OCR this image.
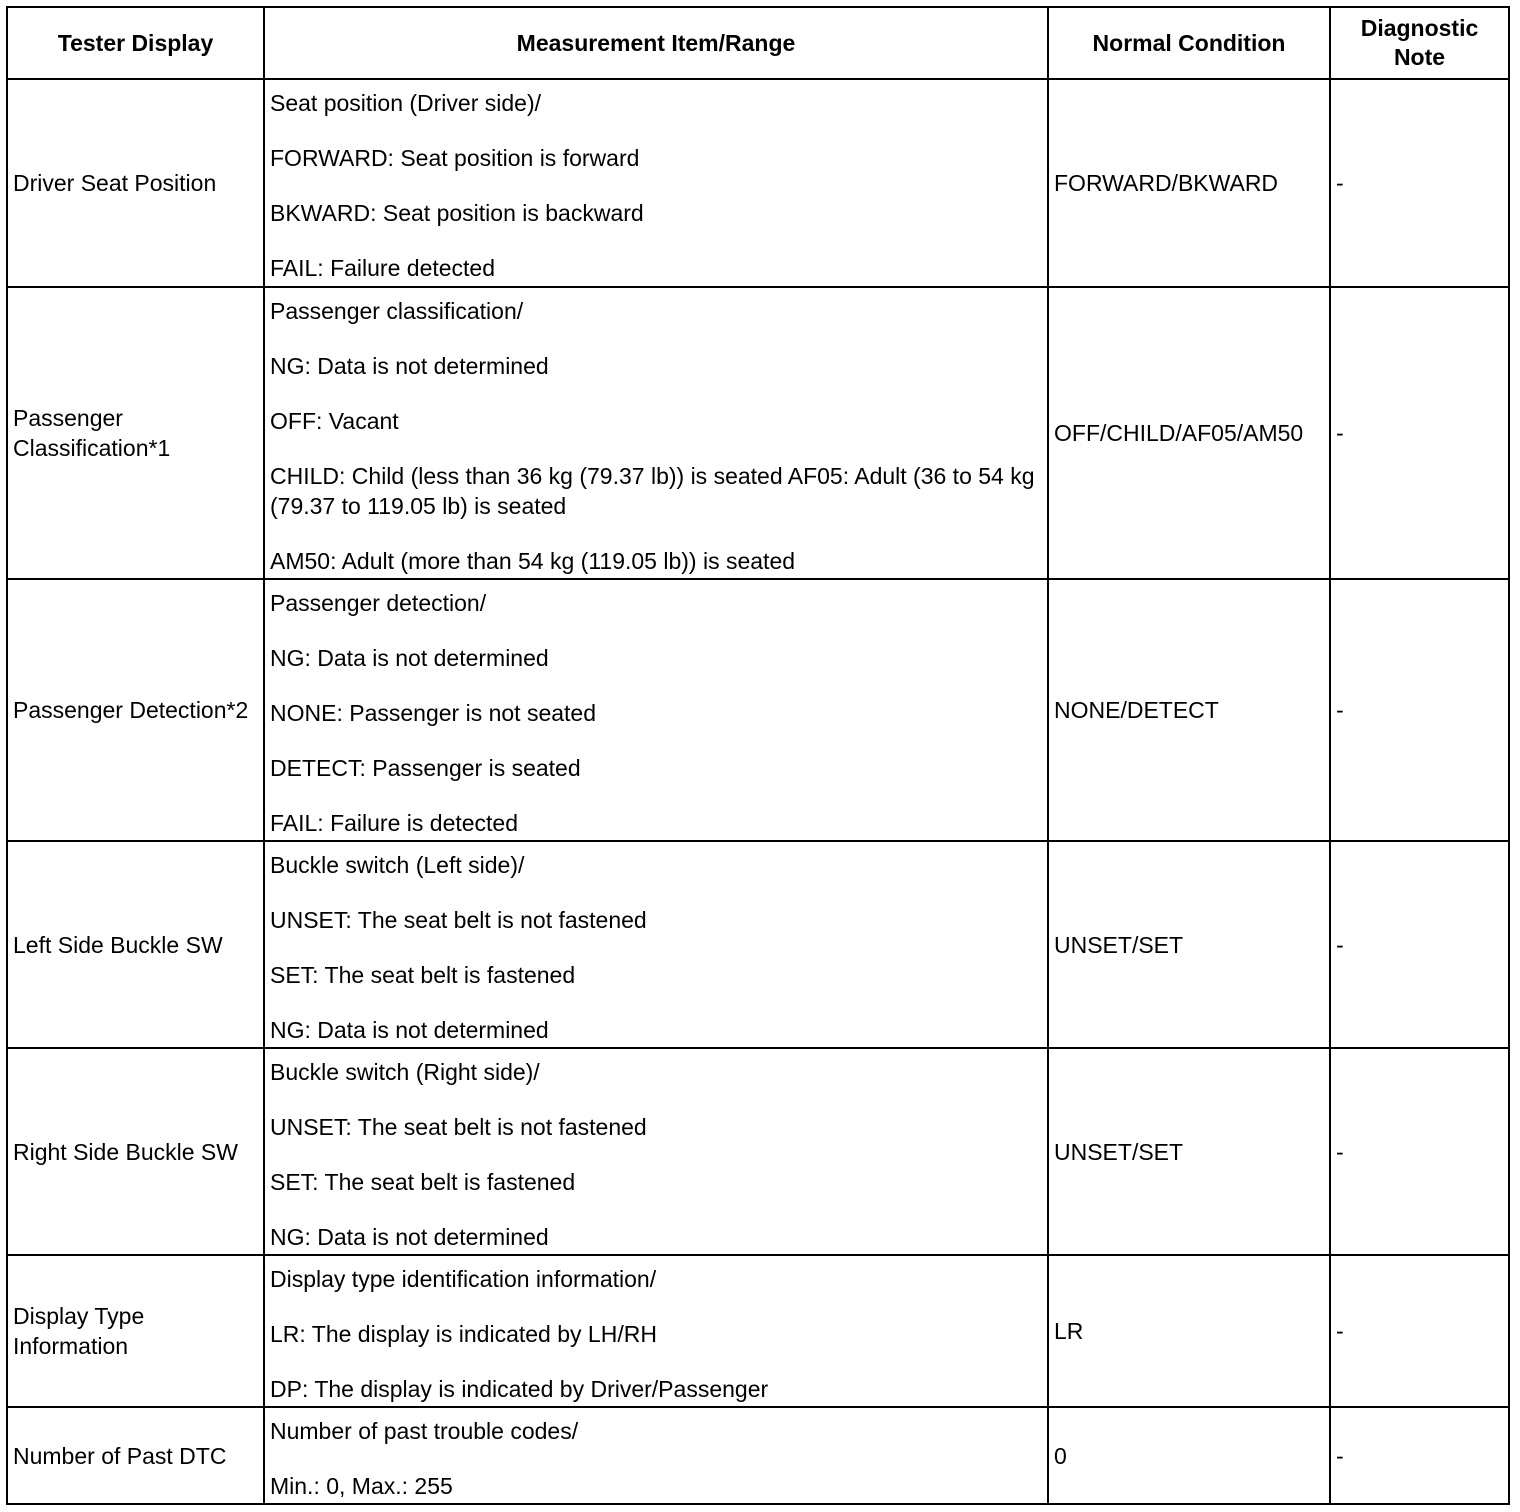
Tester Display	Measurement Item/Range	Normal Condition	Diagnostic Note
Driver Seat Position	Seat position (Driver side)/

FORWARD: Seat position is forward

BKWARD: Seat position is backward

FAIL: Failure detected	FORWARD/BKWARD	-
Passenger Classification*1	Passenger classification/

NG: Data is not determined

OFF: Vacant

CHILD: Child (less than 36 kg (79.37 lb)) is seated AF05: Adult (36 to 54 kg (79.37 to 119.05 lb) is seated

AM50: Adult (more than 54 kg (119.05 lb)) is seated	OFF/CHILD/AF05/AM50	-
Passenger Detection*2	Passenger detection/

NG: Data is not determined

NONE: Passenger is not seated

DETECT: Passenger is seated

FAIL: Failure is detected	NONE/DETECT	-
Left Side Buckle SW	Buckle switch (Left side)/

UNSET: The seat belt is not fastened

SET: The seat belt is fastened

NG: Data is not determined	UNSET/SET	-
Right Side Buckle SW	Buckle switch (Right side)/

UNSET: The seat belt is not fastened

SET: The seat belt is fastened

NG: Data is not determined	UNSET/SET	-
Display Type Information	Display type identification information/

LR: The display is indicated by LH/RH

DP: The display is indicated by Driver/Passenger	LR	-
Number of Past DTC	Number of past trouble codes/

Min.: 0, Max.: 255	0	-
